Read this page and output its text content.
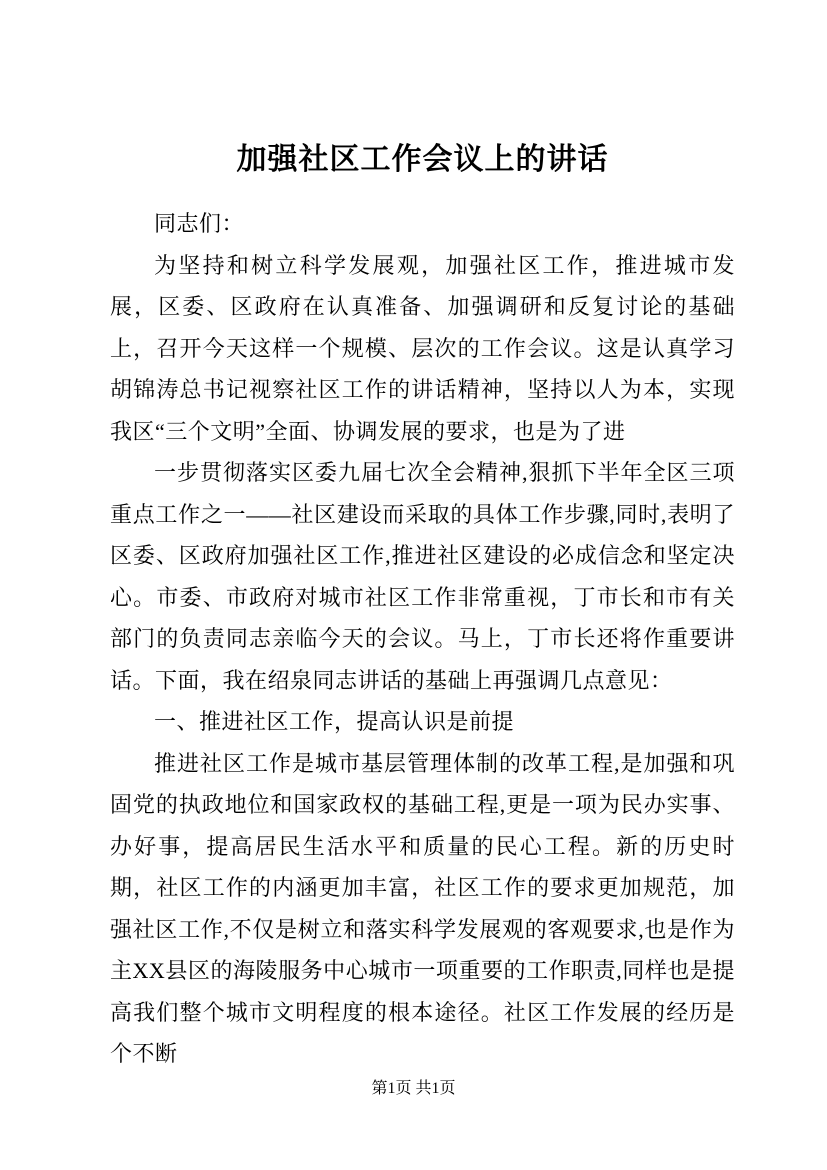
加强社区工作会议上的讲话

同志们：

为坚持和树立科学发展观，加强社区工作，推进城市发展，区委、区政府在认真准备、加强调研和反复讨论的基础上，召开今天这样一个规模、层次的工作会议。这是认真学习胡锦涛总书记视察社区工作的讲话精神，坚持以人为本，实现我区“三个文明”全面、协调发展的要求，也是为了进

一步贯彻落实区委九届七次全会精神,狠抓下半年全区三项重点工作之一——社区建设而采取的具体工作步骤,同时,表明了区委、区政府加强社区工作,推进社区建设的必成信念和坚定决心。市委、市政府对城市社区工作非常重视，丁市长和市有关部门的负责同志亲临今天的会议。马上，丁市长还将作重要讲话。下面，我在绍泉同志讲话的基础上再强调几点意见：

一、推进社区工作，提高认识是前提

推进社区工作是城市基层管理体制的改革工程,是加强和巩固党的执政地位和国家政权的基础工程,更是一项为民办实事、办好事，提高居民生活水平和质量的民心工程。新的历史时期，社区工作的内涵更加丰富，社区工作的要求更加规范，加强社区工作,不仅是树立和落实科学发展观的客观要求,也是作为主XX县区的海陵服务中心城市一项重要的工作职责,同样也是提高我们整个城市文明程度的根本途径。社区工作发展的经历是个不断

第1页 共1页
